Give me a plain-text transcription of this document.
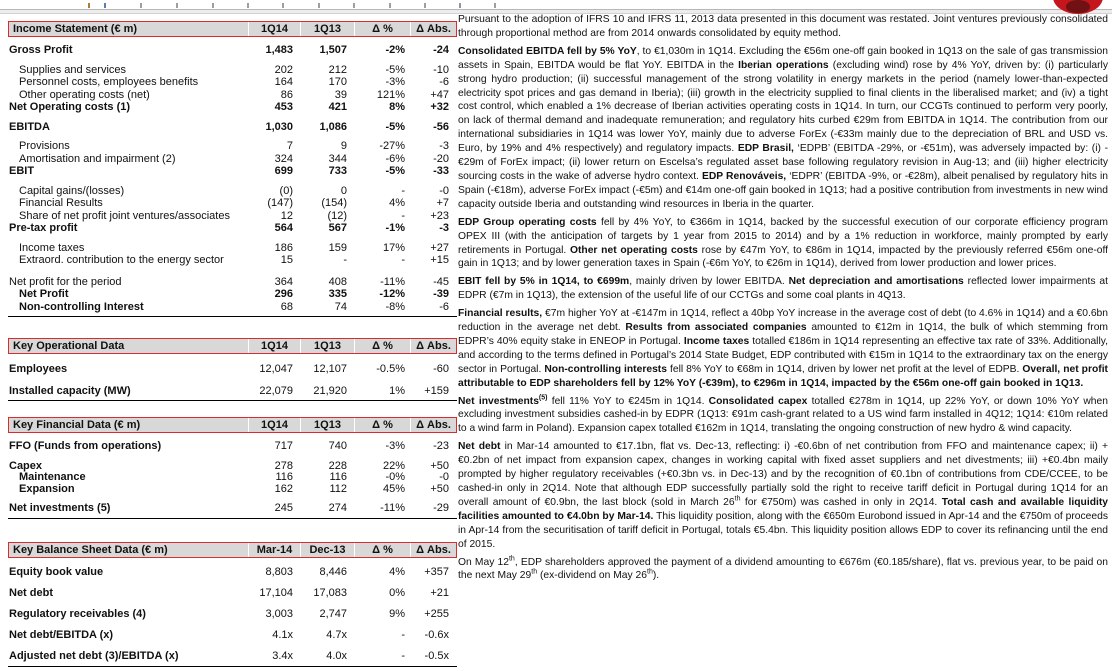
Income Statement (€ m)	1Q14	1Q13	Δ %	Δ Abs.
Gross Profit	1,483	1,507	-2%	-24
Supplies and services	202	212	-5%	-10
Personnel costs, employees benefits	164	170	-3%	-6
Other operating costs (net)	86	39	121%	+47
Net Operating costs (1)	453	421	8%	+32
EBITDA	1,030	1,086	-5%	-56
Provisions	7	9	-27%	-3
Amortisation and impairment (2)	324	344	-6%	-20
EBIT	699	733	-5%	-33
Capital gains/(losses)	(0)	0	-	-0
Financial Results	(147)	(154)	4%	+7
Share of net profit joint ventures/associates	12	(12)	-	+23
Pre-tax profit	564	567	-1%	-3
Income taxes	186	159	17%	+27
Extraord. contribution to the energy sector	15	-	-	+15
Net profit for the period	364	408	-11%	-45
Net Profit	296	335	-12%	-39
Non-controlling Interest	68	74	-8%	-6
Key Operational Data	1Q14	1Q13	Δ %	Δ Abs.
Employees	12,047	12,107	-0.5%	-60
Installed capacity (MW)	22,079	21,920	1%	+159
Key Financial Data (€ m)	1Q14	1Q13	Δ %	Δ Abs.
FFO (Funds from operations)	717	740	-3%	-23
Capex	278	228	22%	+50
Maintenance	116	116	-0%	-0
Expansion	162	112	45%	+50
Net investments (5)	245	274	-11%	-29
Key Balance Sheet Data (€ m)	Mar-14	Dec-13	Δ %	Δ Abs.
Equity book value	8,803	8,446	4%	+357
Net debt	17,104	17,083	0%	+21
Regulatory receivables (4)	3,003	2,747	9%	+255
Net debt/EBITDA (x)	4.1x	4.7x	-	-0.6x
Adjusted net debt (3)/EBITDA (x)	3.4x	4.0x	-	-0.5x

Pursuant to the adoption of IFRS 10 and IFRS 11, 2013 data presented in this document was restated. Joint ventures previously consolidated through proportional method are from 2014 onwards consolidated by equity method.

Consolidated EBITDA fell by 5% YoY, to €1,030m in 1Q14. Excluding the €56m one-off gain booked in 1Q13 on the sale of gas transmission assets in Spain, EBITDA would be flat YoY. EBITDA in the Iberian operations (excluding wind) rose by 4% YoY, driven by: (i) particularly strong hydro production; (ii) successful management of the strong volatility in energy markets in the period (namely lower-than-expected electricity spot prices and gas demand in Iberia); (iii) growth in the electricity supplied to final clients in the liberalised market; and (iv) a tight cost control, which enabled a 1% decrease of Iberian activities operating costs in 1Q14. In turn, our CCGTs continued to perform very poorly, on lack of thermal demand and inadequate remuneration; and regulatory hits curbed €29m from EBITDA in 1Q14. The contribution from our international subsidiaries in 1Q14 was lower YoY, mainly due to adverse ForEx (-€33m mainly due to the depreciation of BRL and USD vs. Euro, by 19% and 4% respectively) and regulatory impacts. EDP Brasil, ‘EDPB’ (EBITDA -29%, or -€51m), was adversely impacted by: (i) -€29m of ForEx impact; (ii) lower return on Escelsa’s regulated asset base following regulatory revision in Aug-13; and (iii) higher electricity sourcing costs in the wake of adverse hydro context. EDP Renováveis, ‘EDPR’ (EBITDA -9%, or -€28m), albeit penalised by regulatory hits in Spain (-€18m), adverse ForEx impact (-€5m) and €14m one-off gain booked in 1Q13; had a positive contribution from investments in new wind capacity outside Iberia and outstanding wind resources in Iberia in the quarter.

EDP Group operating costs fell by 4% YoY, to €366m in 1Q14, backed by the successful execution of our corporate efficiency program OPEX III (with the anticipation of targets by 1 year from 2015 to 2014) and by a 1% reduction in workforce, mainly prompted by early retirements in Portugal. Other net operating costs rose by €47m YoY, to €86m in 1Q14, impacted by the previously referred €56m one-off gain in 1Q13; and by lower generation taxes in Spain (-€6m YoY, to €26m in 1Q14), derived from lower production and lower prices.

EBIT fell by 5% in 1Q14, to €699m, mainly driven by lower EBITDA. Net depreciation and amortisations reflected lower impairments at EDPR (€7m in 1Q13), the extension of the useful life of our CCTGs and some coal plants in 4Q13.

Financial results, €7m higher YoY at -€147m in 1Q14, reflect a 40bp YoY increase in the average cost of debt (to 4.6% in 1Q14) and a €0.6bn reduction in the average net debt. Results from associated companies amounted to €12m in 1Q14, the bulk of which stemming from EDPR’s 40% equity stake in ENEOP in Portugal. Income taxes totalled €186m in 1Q14 representing an effective tax rate of 33%. Additionally, and according to the terms defined in Portugal’s 2014 State Budget, EDP contributed with €15m in 1Q14 to the extraordinary tax on the energy sector in Portugal. Non-controlling interests fell 8% YoY to €68m in 1Q14, driven by lower net profit at the level of EDPB. Overall, net profit attributable to EDP shareholders fell by 12% YoY (-€39m), to €296m in 1Q14, impacted by the €56m one-off gain booked in 1Q13.

Net investments$^{(5)}$ fell 11% YoY to €245m in 1Q14. Consolidated capex totalled €278m in 1Q14, up 22% YoY, or down 10% YoY when excluding investment subsidies cashed-in by EDPR (1Q13: €91m cash-grant related to a US wind farm installed in 4Q12; 1Q14: €10m related to a wind farm in Poland). Expansion capex totalled €162m in 1Q14, translating the ongoing construction of new hydro & wind capacity.

Net debt in Mar-14 amounted to €17.1bn, flat vs. Dec-13, reflecting: i) -€0.6bn of net contribution from FFO and maintenance capex; ii) +€0.2bn of net impact from expansion capex, changes in working capital with fixed asset suppliers and net divestments; iii) +€0.4bn maily prompted by higher regulatory receivables (+€0.3bn vs. in Dec-13) and by the recognition of €0.1bn of contributions from CDE/CCEE, to be cashed-in only in 2Q14. Note that although EDP successfully partially sold the right to receive tariff deficit in Portugal during 1Q14 for an overall amount of €0.9bn, the last block (sold in March 26th for €750m) was cashed in only in 2Q14. Total cash and available liquidity facilities amounted to €4.0bn by Mar-14. This liquidity position, along with the €650m Eurobond issued in Apr-14 and the €750m of proceeds in Apr-14 from the securitisation of tariff deficit in Portugal, totals €5.4bn. This liquidity position allows EDP to cover its refinancing until the end of 2015.

On May 12th, EDP shareholders approved the payment of a dividend amounting to €676m (€0.185/share), flat vs. previous year, to be paid on the next May 29th (ex-dividend on May 26th).
